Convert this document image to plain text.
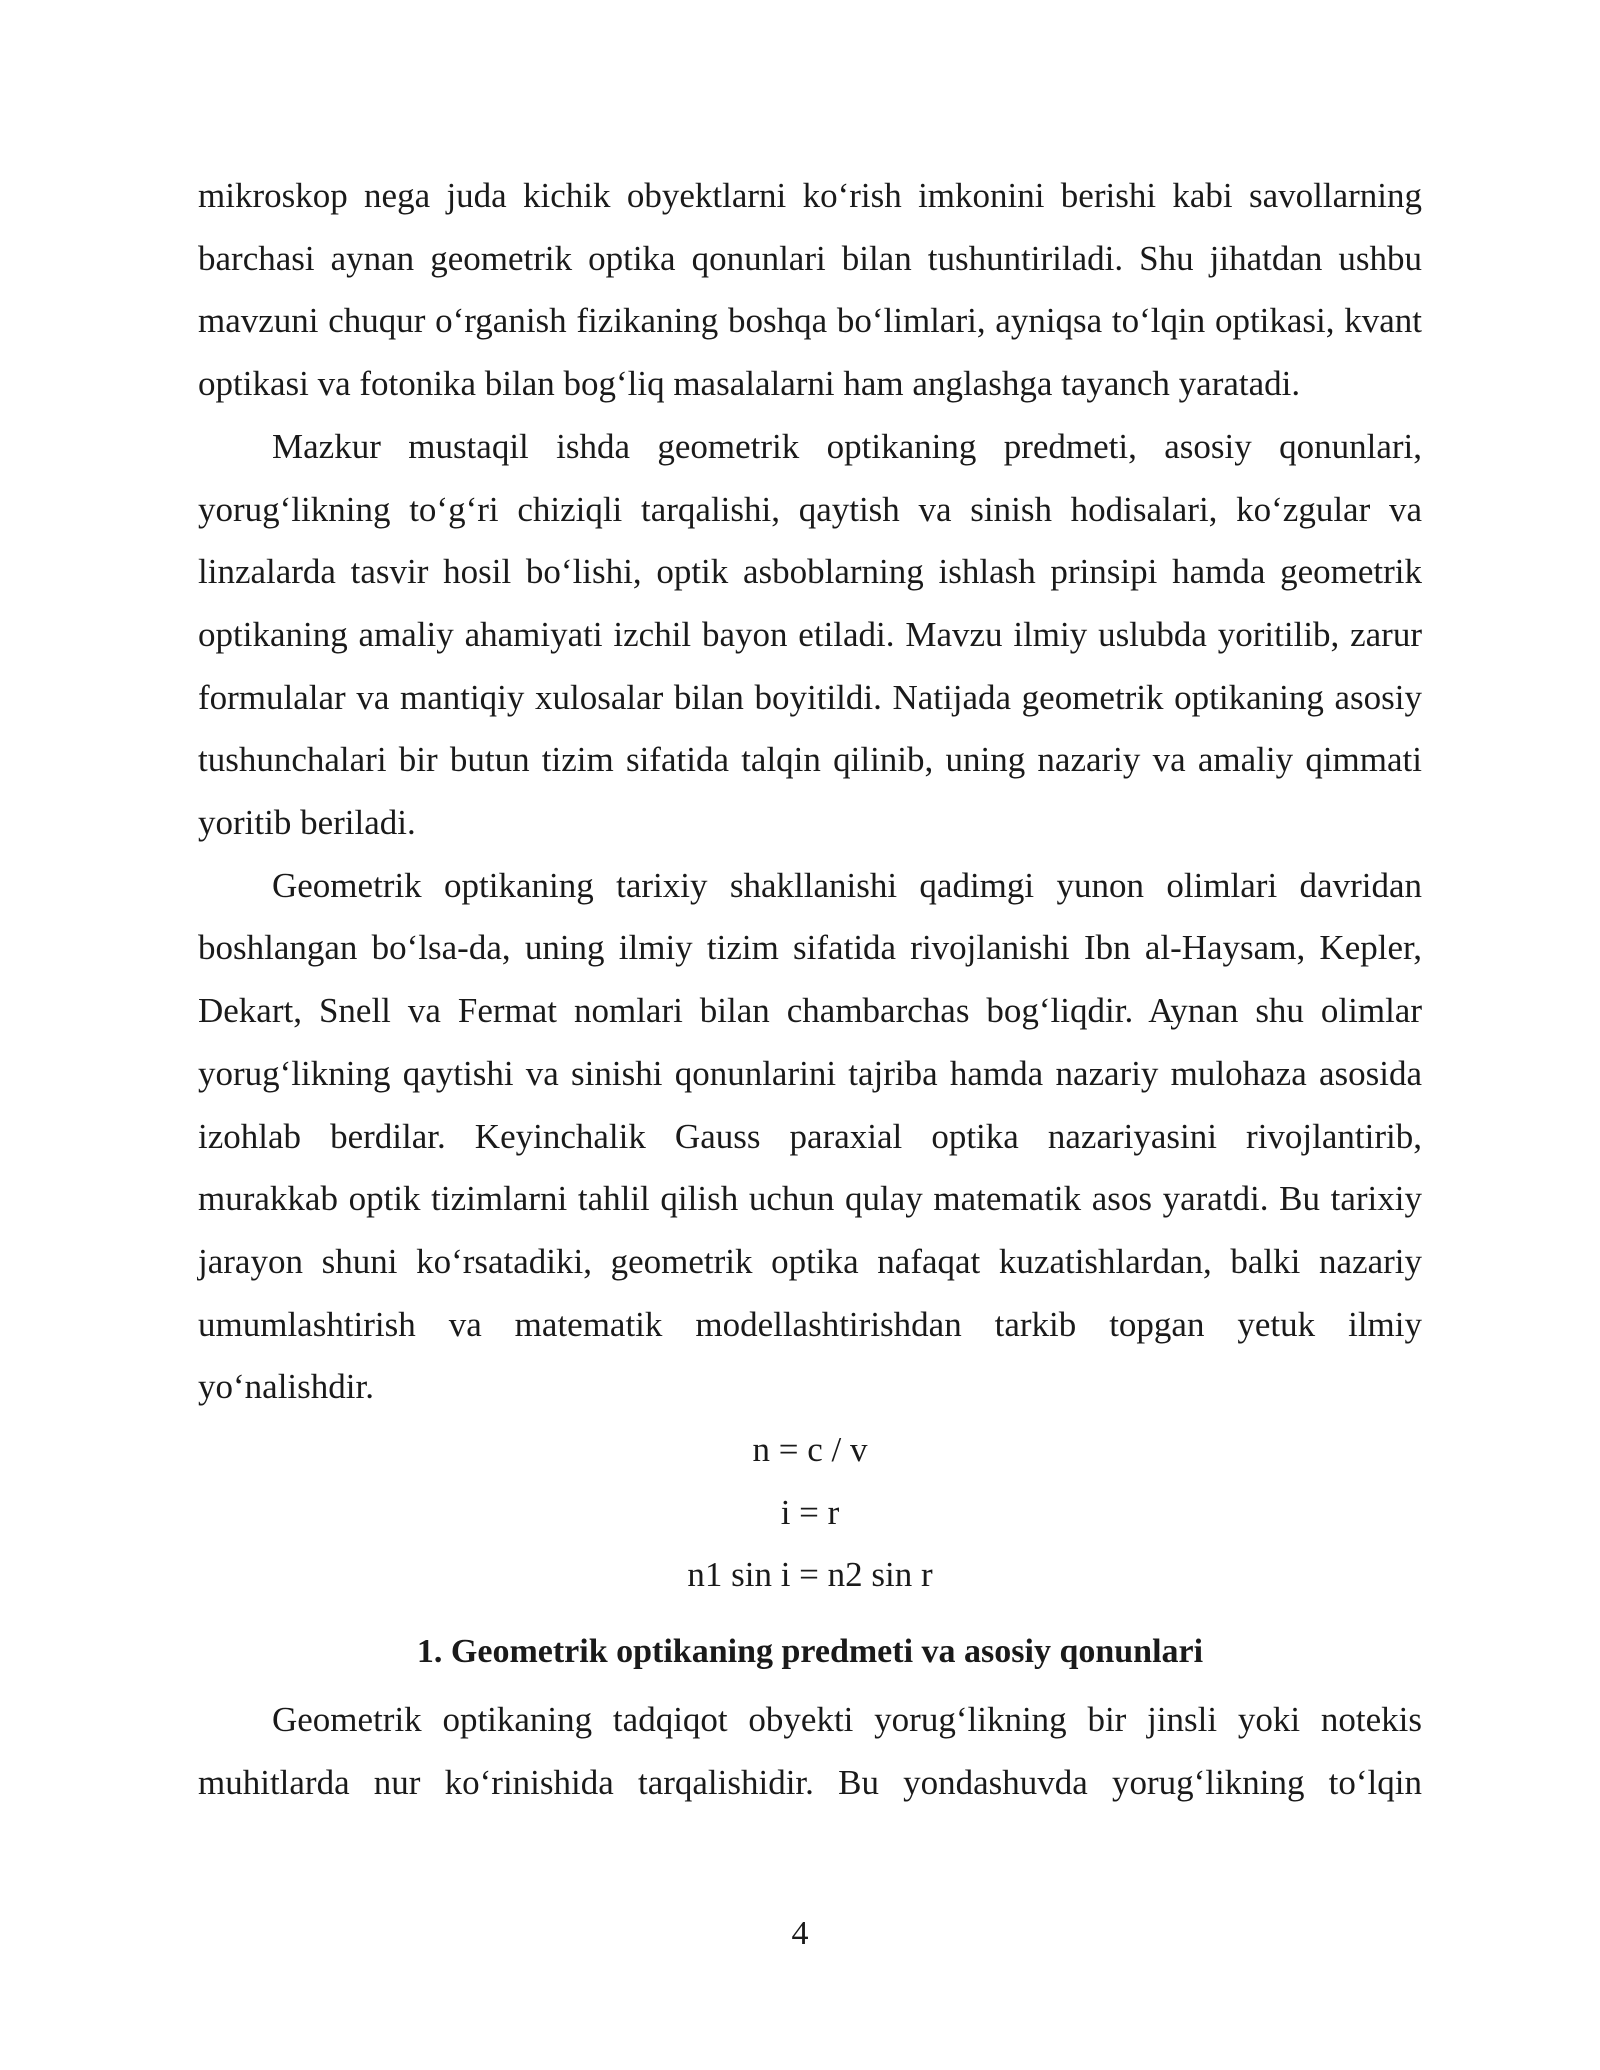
mikroskop nega juda kichik obyektlarni ko‘rish imkonini berishi kabi savollarning barchasi aynan geometrik optika qonunlari bilan tushuntiriladi. Shu jihatdan ushbu mavzuni chuqur o‘rganish fizikaning boshqa bo‘limlari, ayniqsa to‘lqin optikasi, kvant optikasi va fotonika bilan bog‘liq masalalarni ham anglashga tayanch yaratadi.

Mazkur mustaqil ishda geometrik optikaning predmeti, asosiy qonunlari, yorug‘likning to‘g‘ri chiziqli tarqalishi, qaytish va sinish hodisalari, ko‘zgular va linzalarda tasvir hosil bo‘lishi, optik asboblarning ishlash prinsipi hamda geometrik optikaning amaliy ahamiyati izchil bayon etiladi. Mavzu ilmiy uslubda yoritilib, zarur formulalar va mantiqiy xulosalar bilan boyitildi. Natijada geometrik optikaning asosiy tushunchalari bir butun tizim sifatida talqin qilinib, uning nazariy va amaliy qimmati yoritib beriladi.

Geometrik optikaning tarixiy shakllanishi qadimgi yunon olimlari davridan boshlangan bo‘lsa-da, uning ilmiy tizim sifatida rivojlanishi Ibn al-Haysam, Kepler, Dekart, Snell va Fermat nomlari bilan chambarchas bog‘liqdir. Aynan shu olimlar yorug‘likning qaytishi va sinishi qonunlarini tajriba hamda nazariy mulohaza asosida izohlab berdilar. Keyinchalik Gauss paraxial optika nazariyasini rivojlantirib, murakkab optik tizimlarni tahlil qilish uchun qulay matematik asos yaratdi. Bu tarixiy jarayon shuni ko‘rsatadiki, geometrik optika nafaqat kuzatishlardan, balki nazariy umumlashtirish va matematik modellashtirishdan tarkib topgan yetuk ilmiy yo‘nalishdir.

n = c / v

i = r

n1 sin i = n2 sin r

1. Geometrik optikaning predmeti va asosiy qonunlari

Geometrik optikaning tadqiqot obyekti yorug‘likning bir jinsli yoki notekis muhitlarda nur ko‘rinishida tarqalishidir. Bu yondashuvda yorug‘likning to‘lqin

4
